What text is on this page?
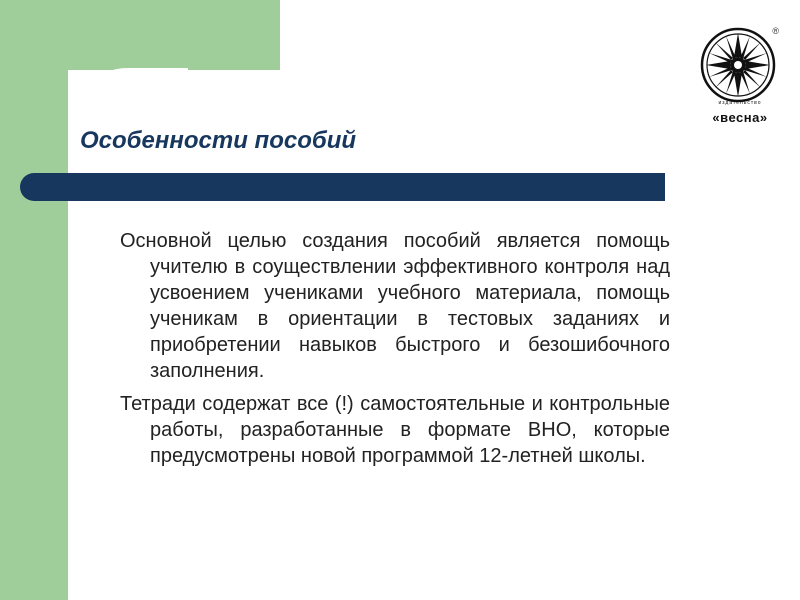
®
издательство
«весна»
Особенности пособий

Основной целью создания пособий является помощь учителю в соуществлении эффективного контроля над усвоением учениками учебного материала, помощь ученикам в ориентации в тестовых заданиях и приобретении навыков быстрого и безошибочного заполнения.

Тетради содержат все (!) самостоятельные и контрольные работы, разработанные в формате ВНО, которые предусмотрены новой программой 12-летней школы.
